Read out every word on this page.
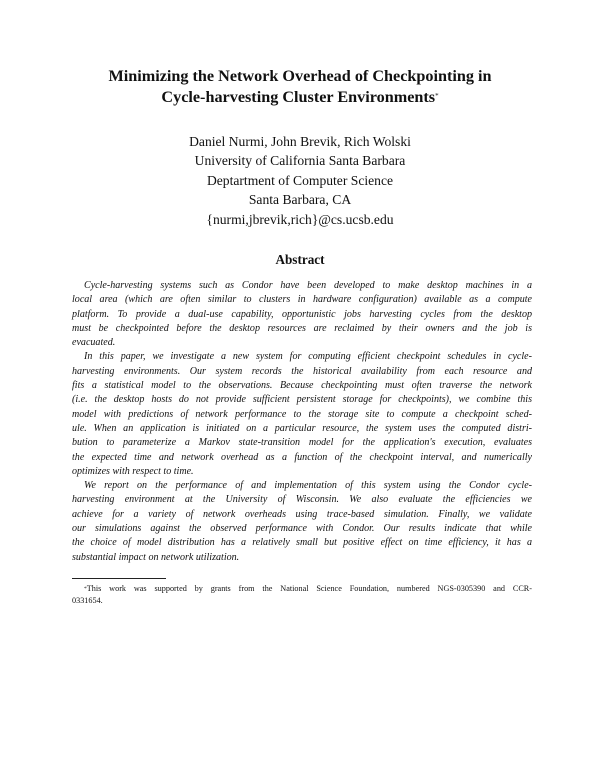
Minimizing the Network Overhead of Checkpointing in
Cycle-harvesting Cluster Environments*
Daniel Nurmi, John Brevik, Rich Wolski
University of California Santa Barbara
Deptartment of Computer Science
Santa Barbara, CA
{nurmi,jbrevik,rich}@cs.ucsb.edu
Abstract
Cycle-harvesting systems such as Condor have been developed to make desktop machines in a
local area (which are often similar to clusters in hardware configuration) available as a compute
platform. To provide a dual-use capability, opportunistic jobs harvesting cycles from the desktop
must be checkpointed before the desktop resources are reclaimed by their owners and the job is
evacuated.
In this paper, we investigate a new system for computing efficient checkpoint schedules in cycle-
harvesting environments. Our system records the historical availability from each resource and
fits a statistical model to the observations. Because checkpointing must often traverse the network
(i.e. the desktop hosts do not provide sufficient persistent storage for checkpoints), we combine this
model with predictions of network performance to the storage site to compute a checkpoint sched-
ule. When an application is initiated on a particular resource, the system uses the computed distri-
bution to parameterize a Markov state-transition model for the application's execution, evaluates
the expected time and network overhead as a function of the checkpoint interval, and numerically
optimizes with respect to time.
We report on the performance of and implementation of this system using the Condor cycle-
harvesting environment at the University of Wisconsin. We also evaluate the efficiencies we
achieve for a variety of network overheads using trace-based simulation. Finally, we validate
our simulations against the observed performance with Condor. Our results indicate that while
the choice of model distribution has a relatively small but positive effect on time efficiency, it has a
substantial impact on network utilization.
*This work was supported by grants from the National Science Foundation, numbered NGS-0305390 and CCR-
0331654.
